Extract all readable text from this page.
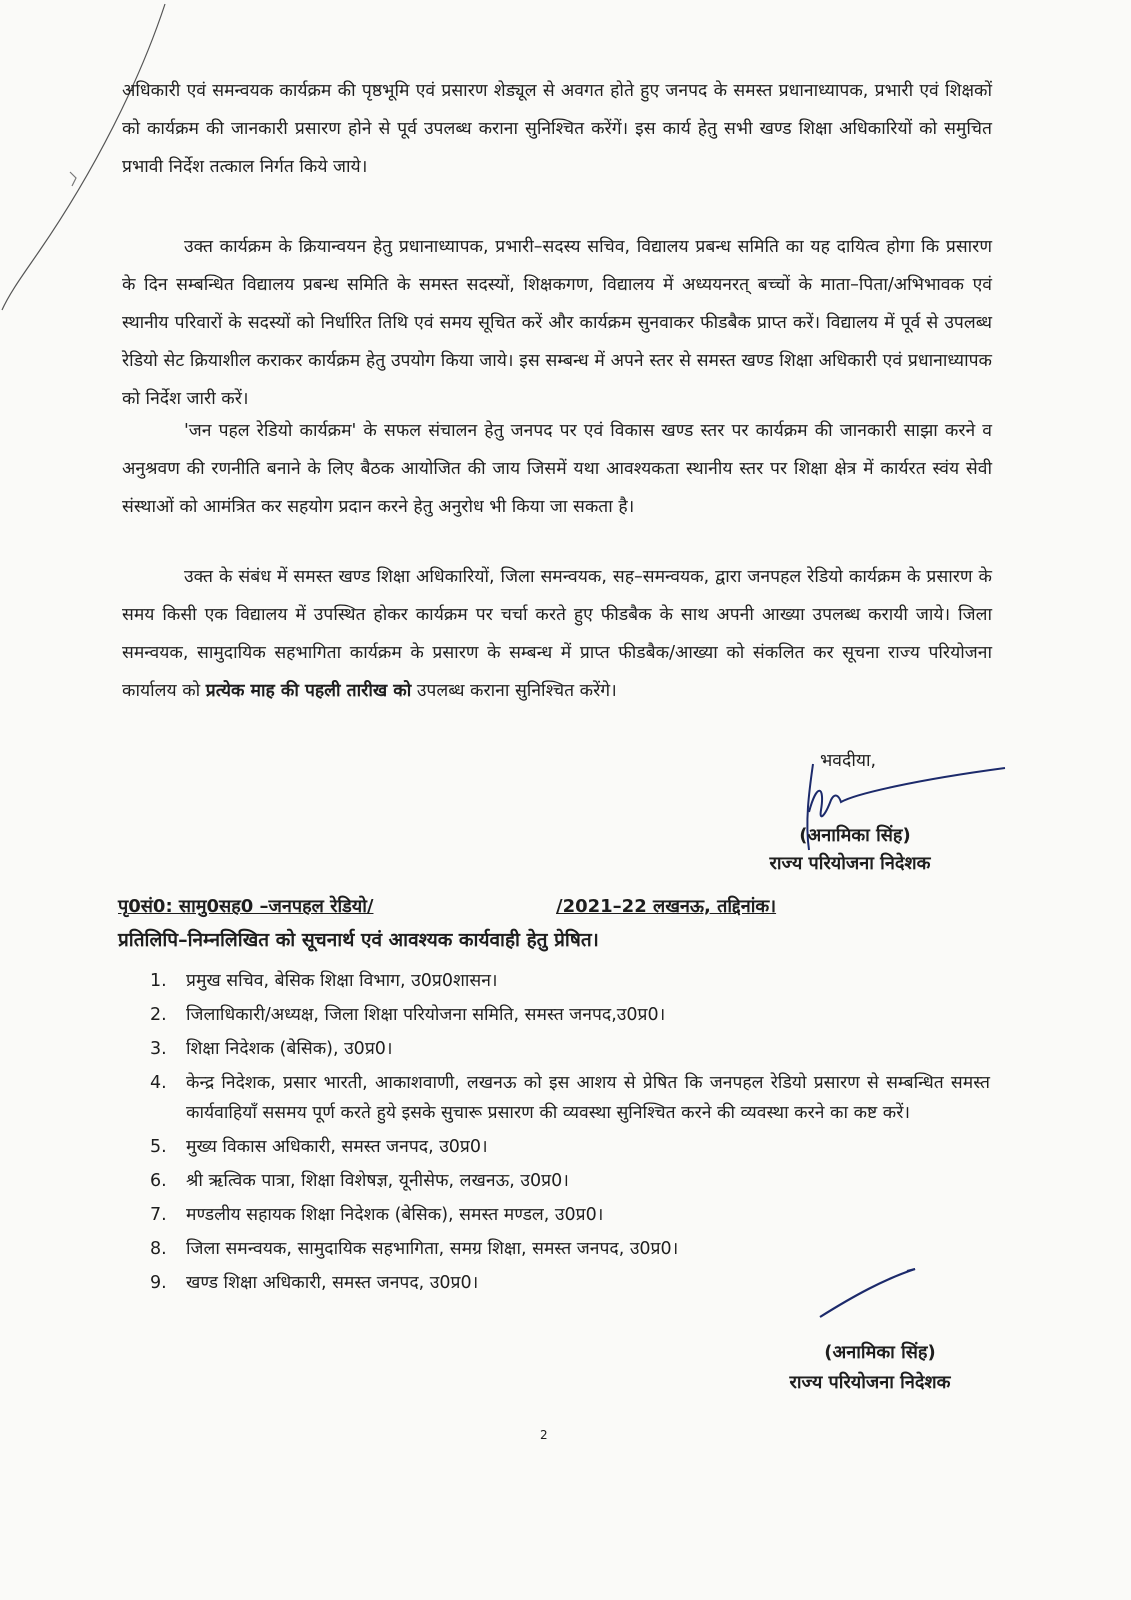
अधिकारी एवं समन्वयक कार्यक्रम की पृष्ठभूमि एवं प्रसारण शेड्यूल से अवगत होते हुए जनपद के समस्त प्रधानाध्यापक, प्रभारी एवं शिक्षकों को कार्यक्रम की जानकारी प्रसारण होने से पूर्व उपलब्ध कराना सुनिश्चित करेंगें। इस कार्य हेतु सभी खण्ड शिक्षा अधिकारियों को समुचित प्रभावी निर्देश तत्काल निर्गत किये जाये।

उक्त कार्यक्रम के क्रियान्वयन हेतु प्रधानाध्यापक, प्रभारी–सदस्य सचिव, विद्यालय प्रबन्ध समिति का यह दायित्व होगा कि प्रसारण के दिन सम्बन्धित विद्यालय प्रबन्ध समिति के समस्त सदस्यों, शिक्षकगण, विद्यालय में अध्ययनरत् बच्चों के माता–पिता/अभिभावक एवं स्थानीय परिवारों के सदस्यों को निर्धारित तिथि एवं समय सूचित करें और कार्यक्रम सुनवाकर फीडबैक प्राप्त करें। विद्यालय में पूर्व से उपलब्ध रेडियो सेट क्रियाशील कराकर कार्यक्रम हेतु उपयोग किया जाये। इस सम्बन्ध में अपने स्तर से समस्त खण्ड शिक्षा अधिकारी एवं प्रधानाध्यापक को निर्देश जारी करें।

'जन पहल रेडियो कार्यक्रम' के सफल संचालन हेतु जनपद पर एवं विकास खण्ड स्तर पर कार्यक्रम की जानकारी साझा करने व अनुश्रवण की रणनीति बनाने के लिए बैठक आयोजित की जाय जिसमें यथा आवश्यकता स्थानीय स्तर पर शिक्षा क्षेत्र में कार्यरत स्वंय सेवी संस्थाओं को आमंत्रित कर सहयोग प्रदान करने हेतु अनुरोध भी किया जा सकता है।

उक्त के संबंध में समस्त खण्ड शिक्षा अधिकारियों, जिला समन्वयक, सह–समन्वयक, द्वारा जनपहल रेडियो कार्यक्रम के प्रसारण के समय किसी एक विद्यालय में उपस्थित होकर कार्यक्रम पर चर्चा करते हुए फीडबैक के साथ अपनी आख्या उपलब्ध करायी जाये। जिला समन्वयक, सामुदायिक सहभागिता कार्यक्रम के प्रसारण के सम्बन्ध में प्राप्त फीडबैक/आख्या को संकलित कर सूचना राज्य परियोजना कार्यालय को प्रत्येक माह की पहली तारीख को उपलब्ध कराना सुनिश्चित करेंगे।

भवदीया,
(अनामिका सिंह)
राज्य परियोजना निदेशक
पृ0सं0: सामु0सह0 –जनपहल रेडियो/	/2021–22 लखनऊ, तद्दिनांक।
प्रतिलिपि–निम्नलिखित को सूचनार्थ एवं आवश्यक कार्यवाही हेतु प्रेषित।
1.	प्रमुख सचिव, बेसिक शिक्षा विभाग, उ0प्र0शासन।
2.	जिलाधिकारी/अध्यक्ष, जिला शिक्षा परियोजना समिति, समस्त जनपद,उ0प्र0।
3.	शिक्षा निदेशक (बेसिक), उ0प्र0।
4.	केन्द्र निदेशक, प्रसार भारती, आकाशवाणी, लखनऊ को इस आशय से प्रेषित कि जनपहल रेडियो प्रसारण से सम्बन्धित समस्त कार्यवाहियॉं ससमय पूर्ण करते हुये इसके सुचारू प्रसारण की व्यवस्था सुनिश्चित करने की व्यवस्था करने का कष्ट करें।
5.	मुख्य विकास अधिकारी, समस्त जनपद, उ0प्र0।
6.	श्री ऋत्विक पात्रा, शिक्षा विशेषज्ञ, यूनीसेफ, लखनऊ, उ0प्र0।
7.	मण्डलीय सहायक शिक्षा निदेशक (बेसिक), समस्त मण्डल, उ0प्र0।
8.	जिला समन्वयक, सामुदायिक सहभागिता, समग्र शिक्षा, समस्त जनपद, उ0प्र0।
9.	खण्ड शिक्षा अधिकारी, समस्त जनपद, उ0प्र0।
(अनामिका सिंह)
राज्य परियोजना निदेशक
2
